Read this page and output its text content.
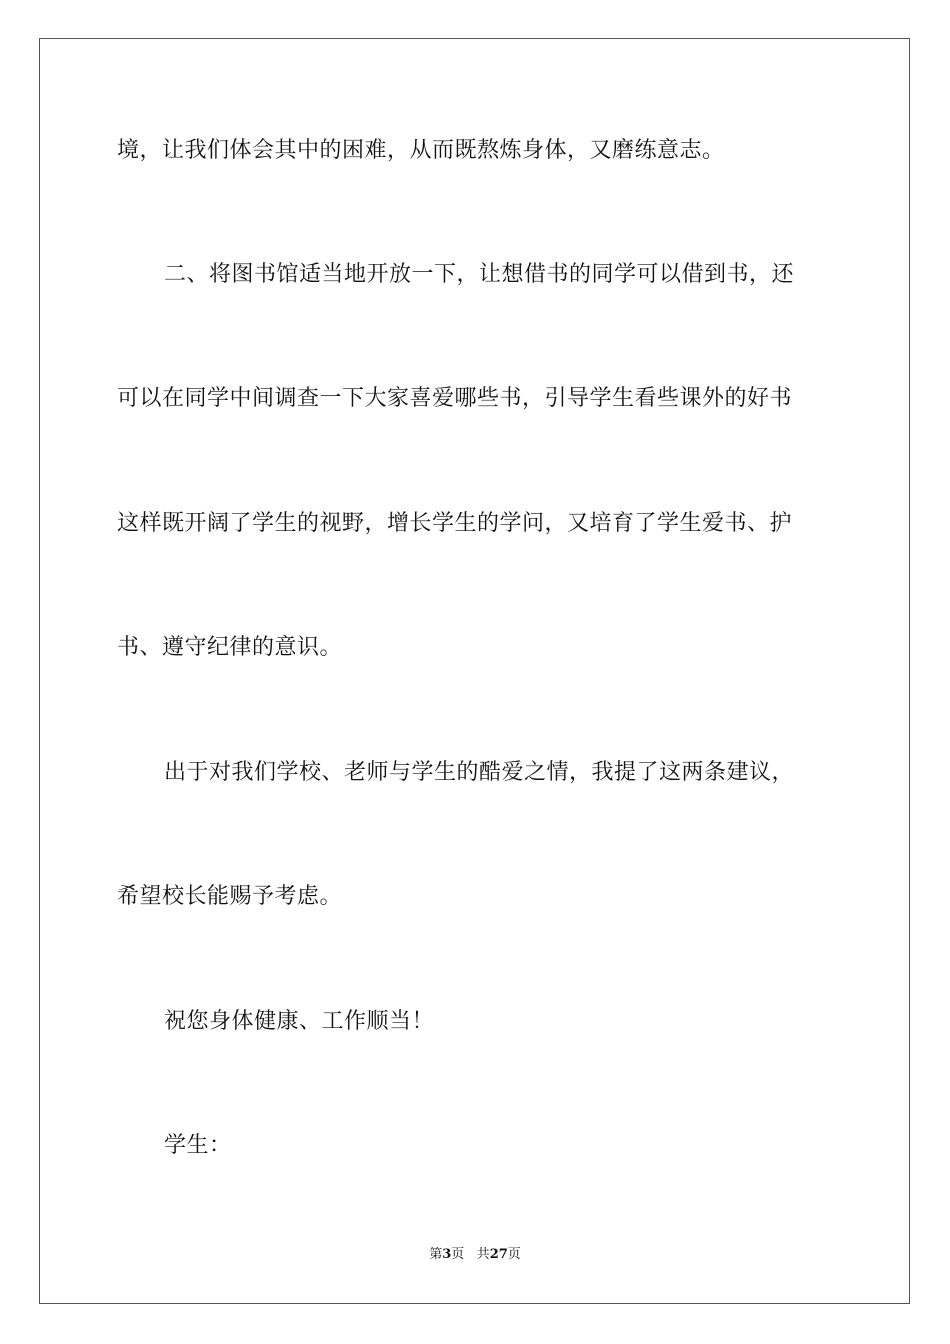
境，让我们体会其中的困难，从而既熬炼身体，又磨练意志。
二、将图书馆适当地开放一下，让想借书的同学可以借到书，还
可以在同学中间调查一下大家喜爱哪些书，引导学生看些课外的好书
这样既开阔了学生的视野，增长学生的学问，又培育了学生爱书、护
书、遵守纪律的意识。
出于对我们学校、老师与学生的酷爱之情，我提了这两条建议，
希望校长能赐予考虑。
祝您身体健康、工作顺当！
学生：
第3页 共27页
